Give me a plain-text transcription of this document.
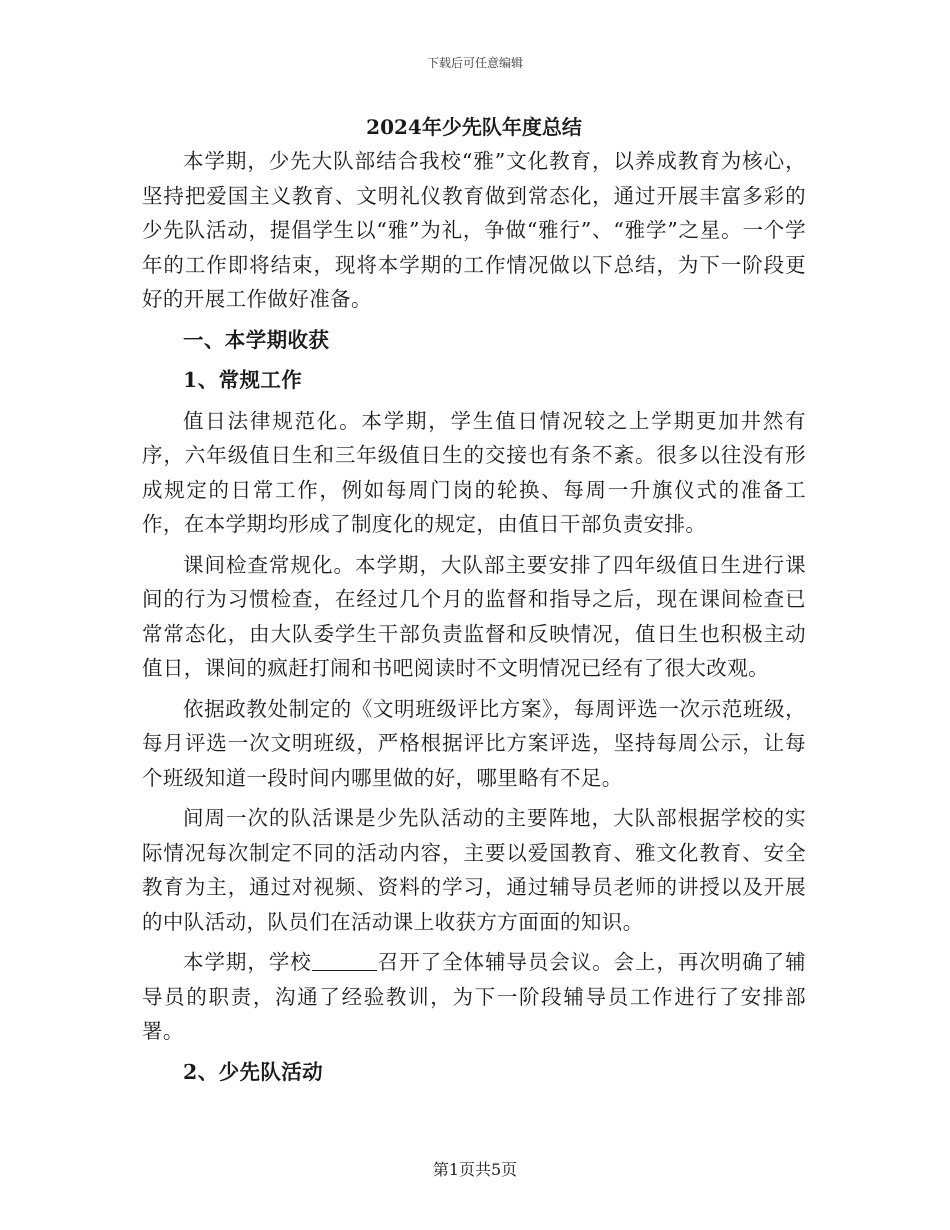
下载后可任意编辑
2024年少先队年度总结

本学期，少先大队部结合我校“雅”文化教育，以养成教育为核心，坚持把爱国主义教育、文明礼仪教育做到常态化，通过开展丰富多彩的少先队活动，提倡学生以“雅”为礼，争做“雅行”、“雅学”之星。一个学年的工作即将结束，现将本学期的工作情况做以下总结，为下一阶段更好的开展工作做好准备。

一、本学期收获

1、常规工作

值日法律规范化。本学期，学生值日情况较之上学期更加井然有序，六年级值日生和三年级值日生的交接也有条不紊。很多以往没有形成规定的日常工作，例如每周门岗的轮换、每周一升旗仪式的准备工作，在本学期均形成了制度化的规定，由值日干部负责安排。

课间检查常规化。本学期，大队部主要安排了四年级值日生进行课间的行为习惯检查，在经过几个月的监督和指导之后，现在课间检查已常常态化，由大队委学生干部负责监督和反映情况，值日生也积极主动值日，课间的疯赶打闹和书吧阅读时不文明情况已经有了很大改观。

依据政教处制定的《文明班级评比方案》，每周评选一次示范班级，每月评选一次文明班级，严格根据评比方案评选，坚持每周公示，让每个班级知道一段时间内哪里做的好，哪里略有不足。

间周一次的队活课是少先队活动的主要阵地，大队部根据学校的实际情况每次制定不同的活动内容，主要以爱国教育、雅文化教育、安全教育为主，通过对视频、资料的学习，通过辅导员老师的讲授以及开展的中队活动，队员们在活动课上收获方方面面的知识。

本学期，学校	召开了全体辅导员会议。会上，再次明确了辅导员的职责，沟通了经验教训，为下一阶段辅导员工作进行了安排部署。

2、少先队活动

第1页共5页
